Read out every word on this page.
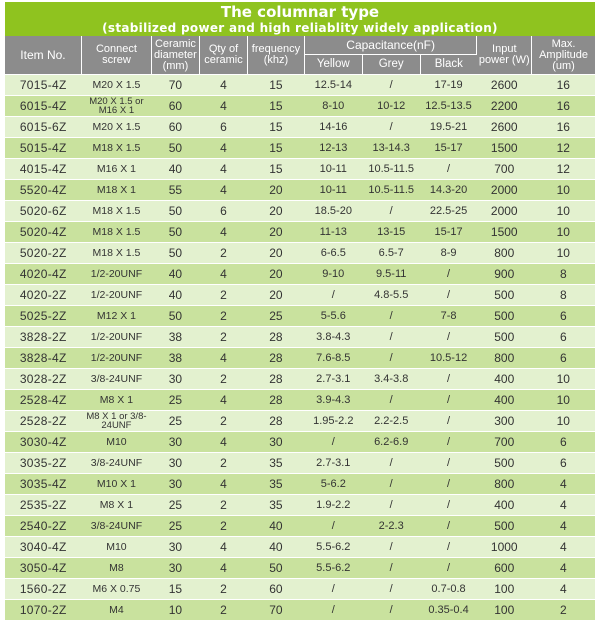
The columnar type
(stabilized power and high reliablity widely application)
Item No.	Connect screw	Ceramic diameter (mm)	Qty of ceramic	frequency (khz)	Capacitance(nF)			Input power (W)	Max. Amplitude (um)
					Yellow	Grey	Black		
7015-4Z	M20 X 1.5	70	4	15	12.5-14	/	17-19	2600	16
6015-4Z	M20 X 1.5 or M16 X 1	60	4	15	8-10	10-12	12.5-13.5	2200	16
6015-6Z	M20 X 1.5	60	6	15	14-16	/	19.5-21	2600	16
5015-4Z	M18 X 1.5	50	4	15	12-13	13-14.3	15-17	1500	12
4015-4Z	M16 X 1	40	4	15	10-11	10.5-11.5	/	700	12
5520-4Z	M18 X 1	55	4	20	10-11	10.5-11.5	14.3-20	2000	10
5020-6Z	M18 X 1.5	50	6	20	18.5-20	/	22.5-25	2000	10
5020-4Z	M18 X 1.5	50	4	20	11-13	13-15	15-17	1500	10
5020-2Z	M18 X 1.5	50	2	20	6-6.5	6.5-7	8-9	800	10
4020-4Z	1/2-20UNF	40	4	20	9-10	9.5-11	/	900	8
4020-2Z	1/2-20UNF	40	2	20	/	4.8-5.5	/	500	8
5025-2Z	M12 X 1	50	2	25	5-5.6	/	7-8	500	6
3828-2Z	1/2-20UNF	38	2	28	3.8-4.3	/	/	500	6
3828-4Z	1/2-20UNF	38	4	28	7.6-8.5	/	10.5-12	800	6
3028-2Z	3/8-24UNF	30	2	28	2.7-3.1	3.4-3.8	/	400	10
2528-4Z	M8 X 1	25	4	28	3.9-4.3	/	/	400	10
2528-2Z	M8 X 1 or 3/8-24UNF	25	2	28	1.95-2.2	2.2-2.5	/	300	10
3030-4Z	M10	30	4	30	/	6.2-6.9	/	700	6
3035-2Z	3/8-24UNF	30	2	35	2.7-3.1	/	/	500	6
3035-4Z	M10 X 1	30	4	35	5-6.2	/	/	800	4
2535-2Z	M8 X 1	25	2	35	1.9-2.2	/	/	400	4
2540-2Z	3/8-24UNF	25	2	40	/	2-2.3	/	500	4
3040-4Z	M10	30	4	40	5.5-6.2	/	/	1000	4
3050-4Z	M8	30	4	50	5.5-6.2	/	/	600	4
1560-2Z	M6 X 0.75	15	2	60	/	/	0.7-0.8	100	4
1070-2Z	M4	10	2	70	/	/	0.35-0.4	100	2
